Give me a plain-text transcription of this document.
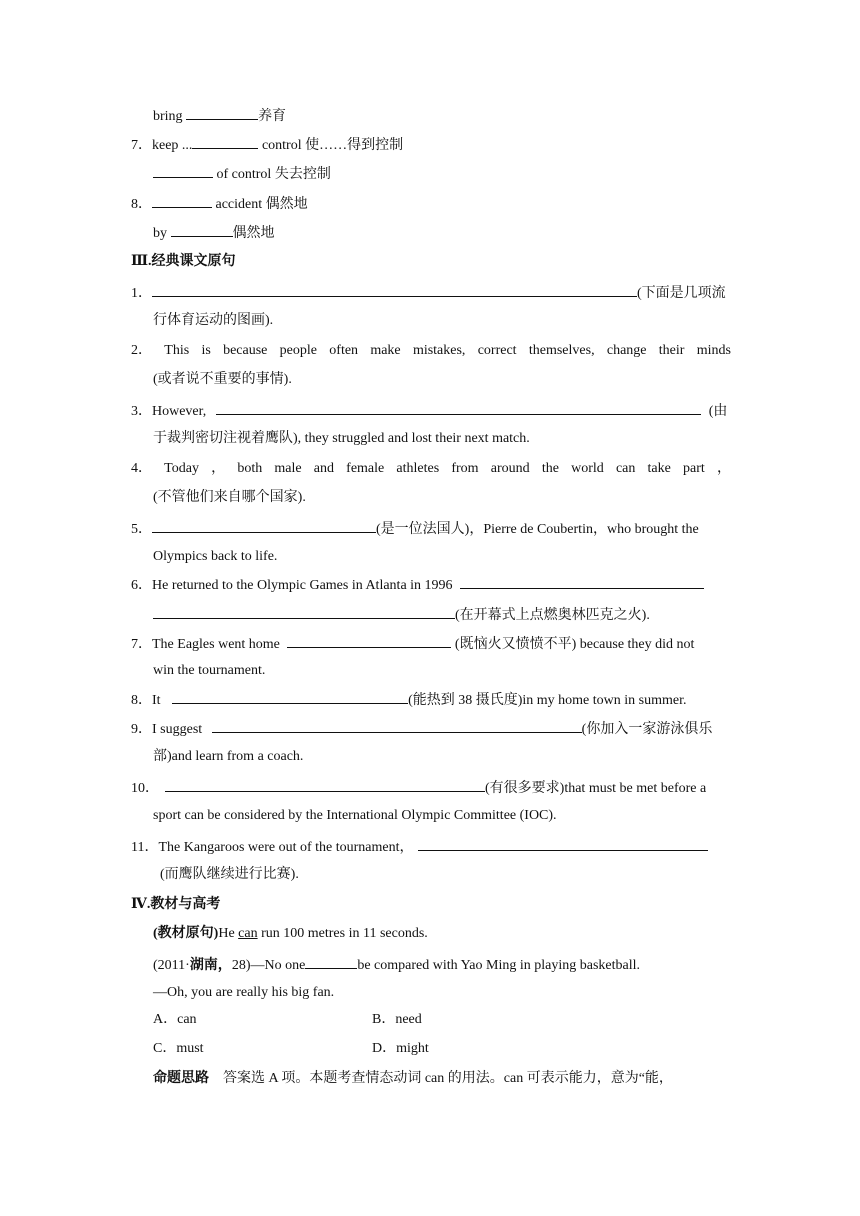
bring	养育
7．keep ...	control 使……得到控制
of control 失去控制
8．	accident 偶然地
by	偶然地
Ⅲ.经典课文原句
1．	(下面是几项流
行体育运动的图画).
2． This is because people often make mistakes, correct themselves, change their minds
(或者说不重要的事情).
3．However,	(由
于裁判密切注视着鹰队), they struggled and lost their next match.
4． Today ， both male and female athletes from around the world can take part ，
(不管他们来自哪个国家).
5．	(是一位法国人)，Pierre de Coubertin，who brought the
Olympics back to life.
6．He returned to the Olympic Games in Atlanta in 1996
(在开幕式上点燃奥林匹克之火).
7．The Eagles went home	(既恼火又愤愤不平) because they did not
win the tournament.
8．It	(能热到 38 摄氏度)in my home town in summer.
9．I suggest	(你加入一家游泳俱乐
部)and learn from a coach.
10．	(有很多要求)that must be met before a
sport can be considered by the International Olympic Committee (IOC).
11．The Kangaroos were out of the tournament，
(而鹰队继续进行比赛).
Ⅳ.教材与高考
(教材原句)He can run 100 metres in 11 seconds.
(2011·湖南，28)—No one	be compared with Yao Ming in playing basketball.
—Oh, you are really his big fan.
A．can	B．need
C．must	D．might
命题思路 答案选 A 项。本题考查情态动词 can 的用法。can 可表示能力，意为“能，
